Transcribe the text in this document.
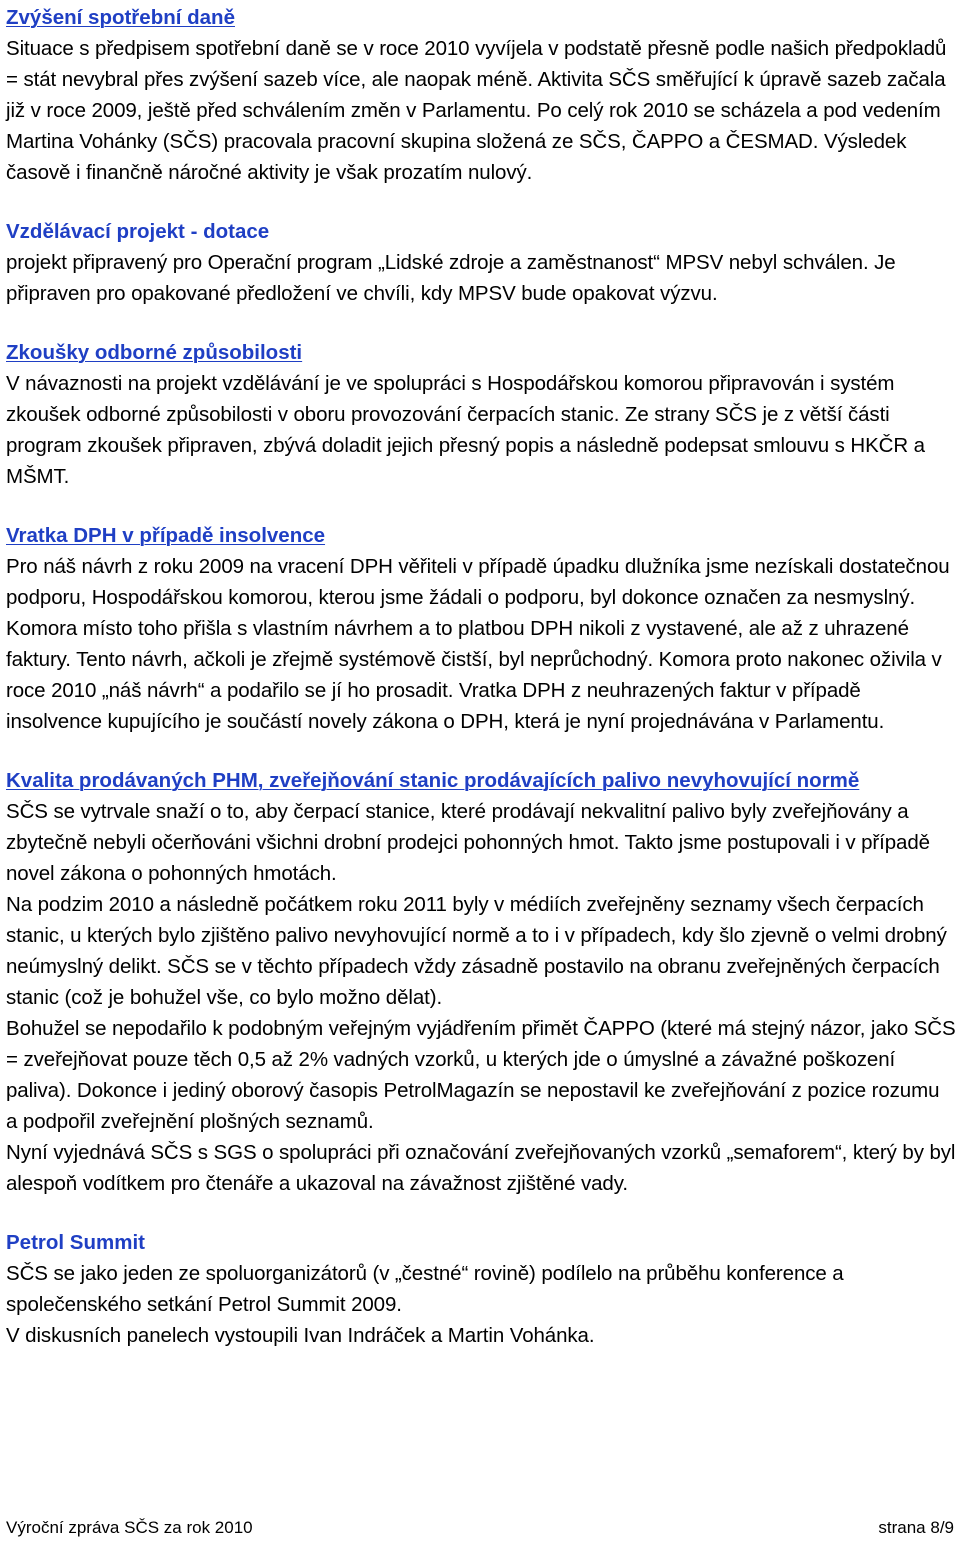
Zvýšení spotřební daně

Situace s předpisem spotřební daně se v roce 2010 vyvíjela v podstatě přesně podle našich předpokladů = stát nevybral přes zvýšení sazeb více, ale naopak méně. Aktivita SČS směřující k úpravě sazeb začala již v roce 2009, ještě před schválením změn v Parlamentu. Po celý rok 2010 se scházela a pod vedením Martina Vohánky (SČS) pracovala pracovní skupina složená ze SČS, ČAPPO a ČESMAD. Výsledek časově i finančně náročné aktivity je však prozatím nulový.

Vzdělávací projekt - dotace

projekt připravený pro Operační program „Lidské zdroje a zaměstnanost“ MPSV nebyl schválen. Je připraven pro opakované předložení ve chvíli, kdy MPSV bude opakovat výzvu.

Zkoušky odborné způsobilosti

V návaznosti na projekt vzdělávání je ve spolupráci s Hospodářskou komorou připravován i systém zkoušek odborné způsobilosti v oboru provozování čerpacích stanic. Ze strany SČS je z větší části program zkoušek připraven, zbývá doladit jejich přesný popis a následně podepsat smlouvu s HKČR a MŠMT.

Vratka DPH v případě insolvence

Pro náš návrh z roku 2009 na vracení DPH věřiteli v případě úpadku dlužníka jsme nezískali dostatečnou podporu, Hospodářskou komorou, kterou jsme žádali o podporu, byl dokonce označen za nesmyslný. Komora místo toho přišla s vlastním návrhem a to platbou DPH nikoli z vystavené, ale až z uhrazené faktury. Tento návrh, ačkoli je zřejmě systémově čistší, byl neprůchodný. Komora proto nakonec oživila v roce 2010 „náš návrh“ a podařilo se jí ho prosadit. Vratka DPH z neuhrazených faktur v případě insolvence kupujícího je součástí novely zákona o DPH, která je nyní projednávána v Parlamentu.

Kvalita prodávaných PHM, zveřejňování stanic prodávajících palivo nevyhovující normě

SČS se vytrvale snaží o to, aby čerpací stanice, které prodávají nekvalitní palivo byly zveřejňovány a zbytečně nebyli očerňováni všichni drobní prodejci pohonných hmot. Takto jsme postupovali i v případě novel zákona o pohonných hmotách.

Na podzim 2010 a následně počátkem roku 2011 byly v médiích zveřejněny seznamy všech čerpacích stanic, u kterých bylo zjištěno palivo nevyhovující normě a to i v případech, kdy šlo zjevně o velmi drobný neúmyslný delikt. SČS se v těchto případech vždy zásadně postavilo na obranu zveřejněných čerpacích stanic (což je bohužel vše, co bylo možno dělat).

Bohužel se nepodařilo k podobným veřejným vyjádřením přimět ČAPPO (které má stejný názor, jako SČS = zveřejňovat pouze těch 0,5 až 2% vadných vzorků, u kterých jde o úmyslné a závažné poškození paliva). Dokonce i jediný oborový časopis PetrolMagazín se nepostavil ke zveřejňování z pozice rozumu a podpořil zveřejnění plošných seznamů.

Nyní vyjednává SČS s SGS o spolupráci při označování zveřejňovaných vzorků „semaforem“, který by byl alespoň vodítkem pro čtenáře a ukazoval na závažnost zjištěné vady.

Petrol Summit

SČS se jako jeden ze spoluorganizátorů (v „čestné“ rovině) podílelo na průběhu konference a společenského setkání Petrol Summit 2009.

V diskusních panelech vystoupili Ivan Indráček a Martin Vohánka.

Výroční zpráva SČS za rok 2010	strana 8/9
